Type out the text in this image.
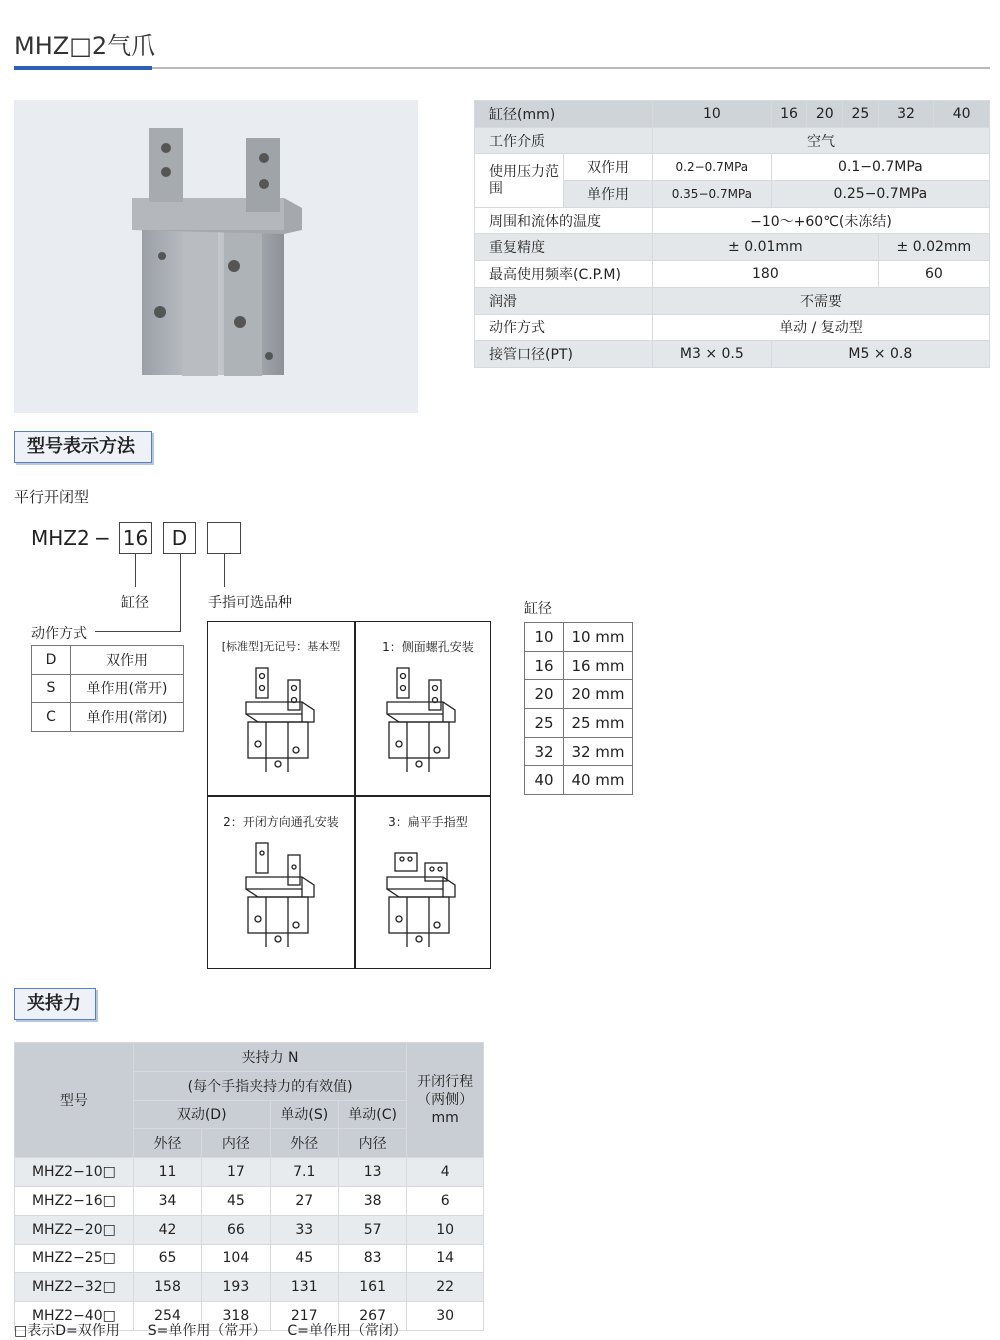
MHZ□2气爪
缸径(mm)		10	16	20	25	32	40
工作介质		空气					
使用压力范围	双作用	0.2−0.7MPa	0.1−0.7MPa				
	单作用	0.35−0.7MPa	0.25−0.7MPa				
周围和流体的温度		−10～+60℃(未冻结)					
重复精度		± 0.01mm				± 0.02mm	
最高使用频率(C.P.M)		180				60	
润滑		不需要					
动作方式		单动 / 复动型					
接管口径(PT)		M3 × 0.5	M5 × 0.8				
型号表示方法
平行开闭型
MHZ2 − 16	D
缸径	手指可选品种
动作方式
D	双作用
S	单作用(常开)
C	单作用(常闭)
[标准型]无记号：基本型	1：侧面螺孔安装
2：开闭方向通孔安装	3：扁平手指型
缸径
10	10 mm
16	16 mm
20	20 mm
25	25 mm
32	32 mm
40	40 mm
夹持力
型号	夹持力 N				开闭行程（两侧）mm
	(每个手指夹持力的有效值)				
	双动(D)		单动(S)	单动(C)	
	外径	内径	外径	内径	
MHZ2−10□	11	17	7.1	13	4
MHZ2−16□	34	45	27	38	6
MHZ2−20□	42	66	33	57	10
MHZ2−25□	65	104	45	83	14
MHZ2−32□	158	193	131	161	22
MHZ2−40□	254	318	217	267	30
□表示D=双作用　　S=单作用（常开）　　C=单作用（常闭）
